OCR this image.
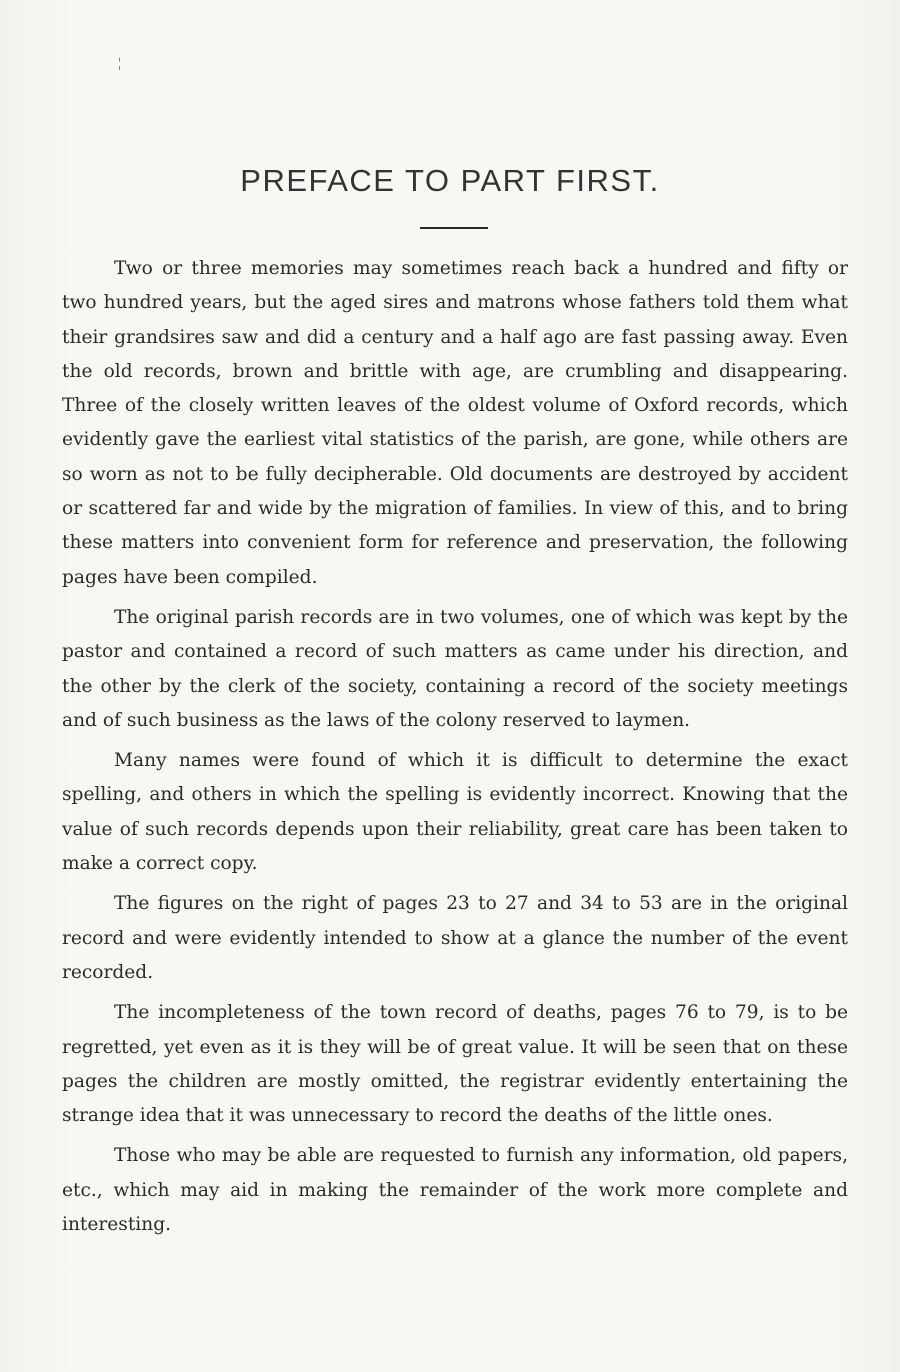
¦
PREFACE TO PART FIRST.

Two or three memories may sometimes reach back a hundred and fifty or two hundred years, but the aged sires and matrons whose fathers told them what their grandsires saw and did a century and a half ago are fast passing away. Even the old records, brown and brittle with age, are crumbling and disappearing. Three of the closely written leaves of the oldest volume of Oxford records, which evidently gave the earliest vital statistics of the parish, are gone, while others are so worn as not to be fully decipherable. Old documents are destroyed by accident or scattered far and wide by the migration of families. In view of this, and to bring these matters into convenient form for reference and preservation, the following pages have been compiled.

The original parish records are in two volumes, one of which was kept by the pastor and contained a record of such matters as came under his direction, and the other by the clerk of the society, containing a record of the society meetings and of such business as the laws of the colony reserved to laymen.

Many names were found of which it is difficult to determine the exact spelling, and others in which the spelling is evidently incorrect. Knowing that the value of such records depends upon their reliability, great care has been taken to make a correct copy.

The figures on the right of pages 23 to 27 and 34 to 53 are in the original record and were evidently intended to show at a glance the number of the event recorded.

The incompleteness of the town record of deaths, pages 76 to 79, is to be regretted, yet even as it is they will be of great value. It will be seen that on these pages the children are mostly omitted, the registrar evidently entertaining the strange idea that it was unnecessary to record the deaths of the little ones.

Those who may be able are requested to furnish any information, old papers, etc., which may aid in making the remainder of the work more complete and interesting.
